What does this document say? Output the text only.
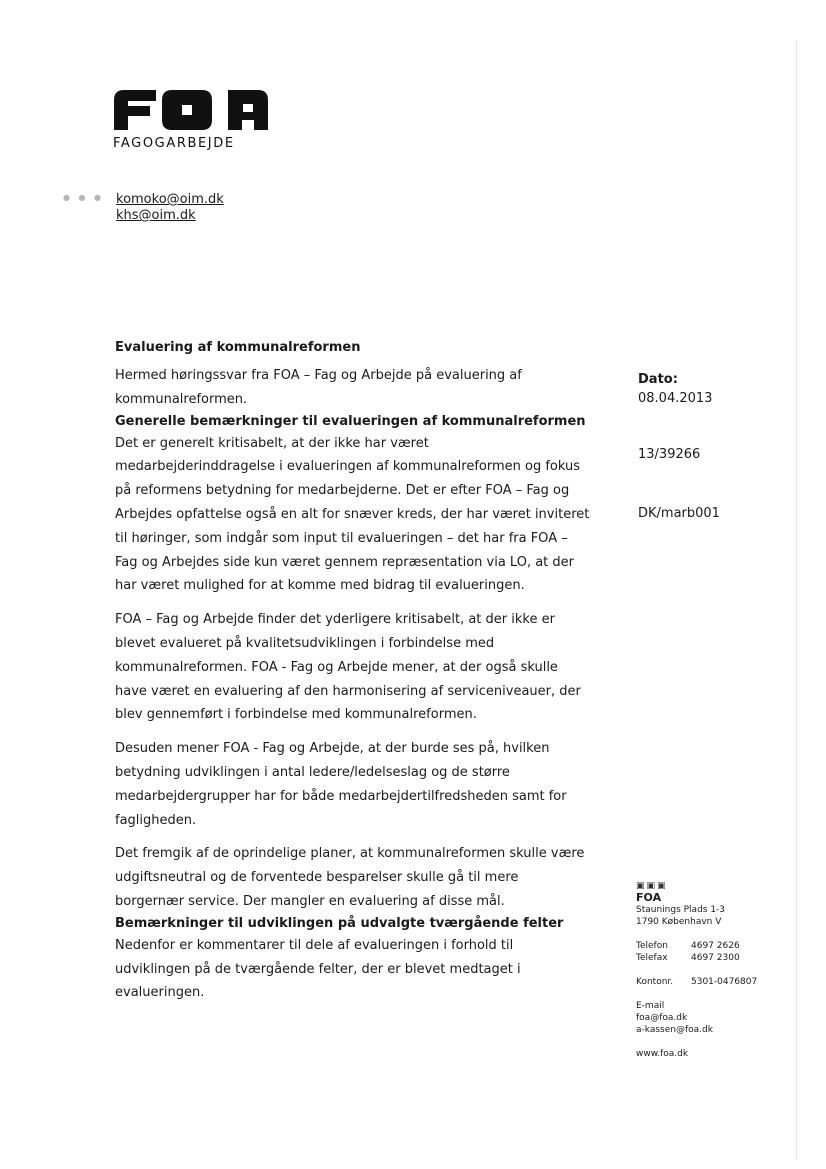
FAGOGARBEJDE
● ● ● komoko@oim.dk
khs@oim.dk
Evaluering af kommunalreformen

Hermed høringssvar fra FOA – Fag og Arbejde på evaluering af kommunalreformen.

Generelle bemærkninger til evalueringen af kommunalreformen

Det er generelt kritisabelt, at der ikke har været medarbejderinddragelse i evalueringen af kommunalreformen og fokus på reformens betydning for medarbejderne. Det er efter FOA – Fag og Arbejdes opfattelse også en alt for snæver kreds, der har været inviteret til høringer, som indgår som input til evalueringen – det har fra FOA – Fag og Arbejdes side kun været gennem repræsentation via LO, at der har været mulighed for at komme med bidrag til evalueringen.

FOA – Fag og Arbejde finder det yderligere kritisabelt, at der ikke er blevet evalueret på kvalitetsudviklingen i forbindelse med kommunalreformen. FOA - Fag og Arbejde mener, at der også skulle have været en evaluering af den harmonisering af serviceniveauer, der blev gennemført i forbindelse med kommunalreformen.

Desuden mener FOA - Fag og Arbejde, at der burde ses på, hvilken betydning udviklingen i antal ledere/ledelseslag og de større medarbejdergrupper har for både medarbejdertilfredsheden samt for fagligheden.

Det fremgik af de oprindelige planer, at kommunalreformen skulle være udgiftsneutral og de forventede besparelser skulle gå til mere borgernær service. Der mangler en evaluering af disse mål.

Bemærkninger til udviklingen på udvalgte tværgående felter

Nedenfor er kommentarer til dele af evalueringen i forhold til udviklingen på de tværgående felter, der er blevet medtaget i evalueringen.

Dato:
08.04.2013
13/39266
DK/marb001
▣▣▣
FOA
Staunings Plads 1-3
1790 København V
Telefon	4697 2626
Telefax	4697 2300
Kontonr.	5301-0476807
E-mail
foa@foa.dk
a-kassen@foa.dk
www.foa.dk
